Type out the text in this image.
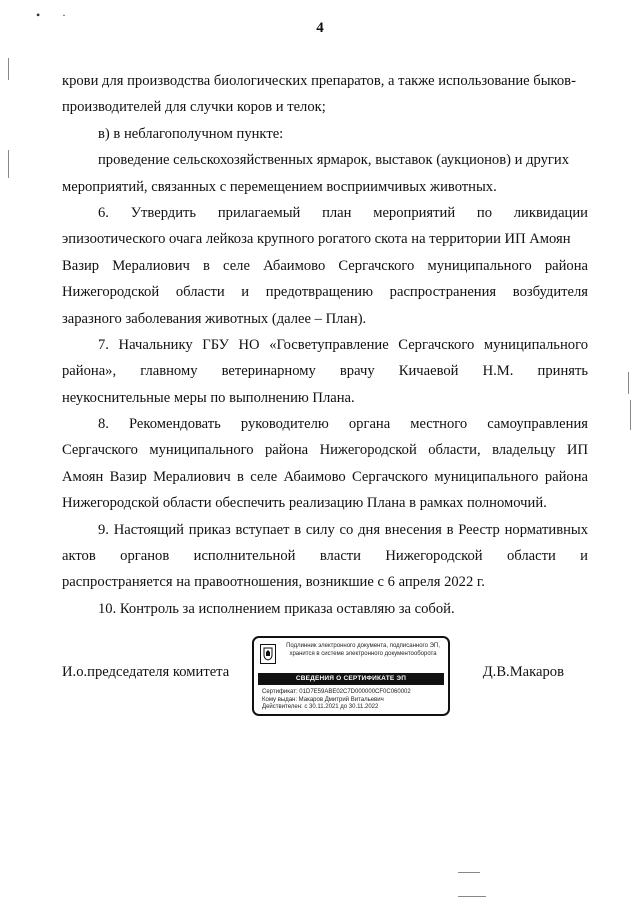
• ·
4
крови для производства биологических препаратов, а также использование быков-
производителей для случки коров и телок;
в) в неблагополучном пункте:
проведение сельскохозяйственных ярмарок, выставок (аукционов) и других
мероприятий, связанных с перемещением восприимчивых животных.
6. Утвердить прилагаемый план мероприятий по ликвидации
эпизоотического очага лейкоза крупного рогатого скота на территории ИП Амоян
Вазир Мералиович в селе Абаимово Сергачского муниципального района
Нижегородской области и предотвращению распространения возбудителя
заразного заболевания животных (далее – План).
7. Начальнику ГБУ НО «Госветуправление Сергачского муниципального
района», главному ветеринарному врачу Кичаевой Н.М. принять
неукоснительные меры по выполнению Плана.
8. Рекомендовать руководителю органа местного самоуправления
Сергачского муниципального района Нижегородской области, владельцу ИП
Амоян Вазир Мералиович в селе Абаимово Сергачского муниципального района
Нижегородской области обеспечить реализацию Плана в рамках полномочий.
9. Настоящий приказ вступает в силу со дня внесения в Реестр нормативных
актов органов исполнительной власти Нижегородской области и
распространяется на правоотношения, возникшие с 6 апреля 2022 г.
10. Контроль за исполнением приказа оставляю за собой.
И.о.председателя комитета	Д.В.Макаров
Подлинник электронного документа, подписанного ЭП, хранится в системе электронного документооборота
СВЕДЕНИЯ О СЕРТИФИКАТЕ ЭП
Сертификат: 01D7E59ABE02C7D000000CF0C060002
Кому выдан: Макаров Дмитрий Витальевич
Действителен: с 30.11.2021 до 30.11.2022
